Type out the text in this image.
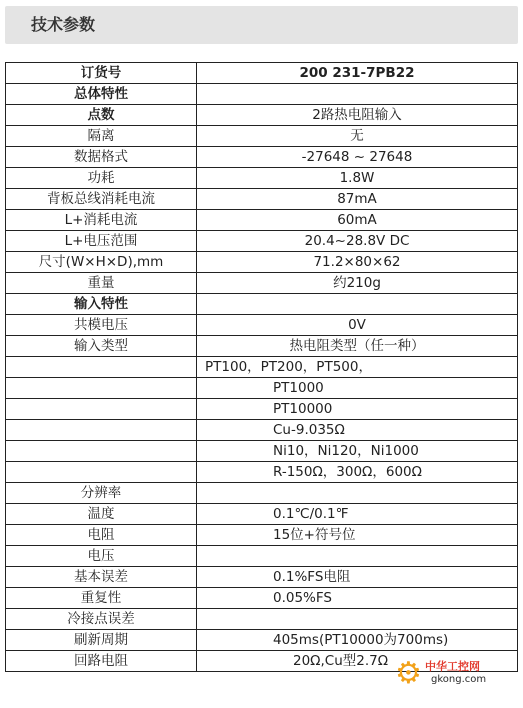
技术参数
订货号	200 231-7PB22
总体特性	
点数	2路热电阻输入
隔离	无
数据格式	-27648 ~ 27648
功耗	1.8W
背板总线消耗电流	87mA
L+消耗电流	60mA
L+电压范围	20.4~28.8V DC
尺寸(W×H×D),mm	71.2×80×62
重量	约210g
输入特性	
共模电压	0V
输入类型	热电阻类型（任一种）
	PT100，PT200，PT500，
	PT1000
	PT10000
	Cu-9.035Ω
	Ni10，Ni120，Ni1000
	R-150Ω，300Ω，600Ω
分辨率	
温度	0.1℃/0.1℉
电阻	15位+符号位
电压	
基本误差	0.1%FS电阻
重复性	0.05%FS
冷接点误差	
刷新周期	405ms(PT10000为700ms)
回路电阻	20Ω,Cu型2.7Ω ⚙ 中华工控网
gkong.com
